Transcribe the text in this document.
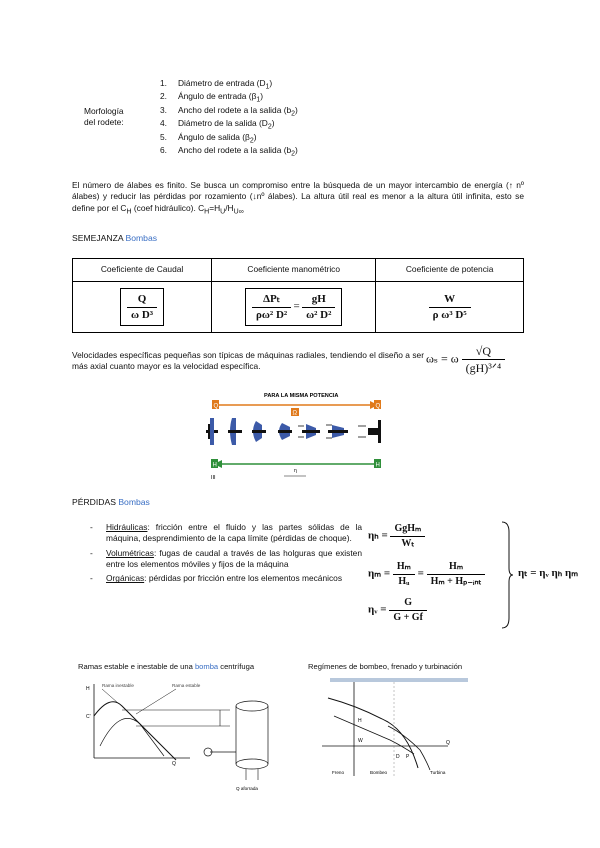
Morfología
del rodete:
1. Diámetro de entrada $(D_1)$
2. Ángulo de entrada $(\beta_1)$
3. Ancho del rodete a la salida $(b_2)$
4. Diámetro de la salida $(D_2)$
5. Ángulo de salida $(\beta_2)$
6. Ancho del rodete a la salida $(b_2)$
El número de álabes es finito. Se busca un compromiso entre la búsqueda de un mayor intercambio de energía (↑ nº álabes) y reducir las pérdidas por rozamiento (↓nº álabes). La altura útil real es menor a la altura útil infinita, esto se define por el $C_H$ (coef hidráulico). $C_H=H_U/H_{U\infty}$
SEMEJANZA Bombas
Coeficiente de Caudal	Coeficiente manométrico	Coeficiente de potencia

$\frac{Q}{\text{ω D³}}$	$\frac{\text{ΔPₜ}}{\text{ρω² D²}} = \frac{gH}{\text{ω² D²}}$	$\frac{W}{\text{ρ ω³ D⁵}}$
Velocidades específicas pequeñas son típicas de máquinas radiales, tendiendo el diseño a ser más axial cuanto mayor es la velocidad específica.
ωₛ = ω $\frac{√Q}{\text{(gH)³ᐟ⁴}}$
PARA LA MISMA POTENCIA
Q	Q
Ω
H	H
η
III
PÉRDIDAS Bombas
- Hidráulicas: fricción entre el fluido y las partes sólidas de la máquina, desprendimiento de la capa límite (pérdidas de choque).
- Volumétricas: fugas de caudal a través de las holguras que existen entre los elementos móviles y fijos de la máquina
- Orgánicas: pérdidas por fricción entre los elementos mecánicos
$\eta_h = \frac{\text{GgHₘ}}{\text{Wₜ}}$
$\eta_m = \frac{\text{Hₘ}}{\text{Hᵤ}} = \frac{\text{Hₘ}}{\text{Hₘ + Hₚ₋ᵢₙₜ}}$
ηᵥ = $\frac{G}{G + Gf}$
ηₜ = ηᵥ ηₕ ηₘ
Ramas estable e inestable de una bomba centrífuga
H
C'
Q
Rama inestable	Rama estable
Q aforrada
Regímenes de bombeo, frenado y turbinación
Q
H
W
D P
Freno	Bombeo	Turbina
